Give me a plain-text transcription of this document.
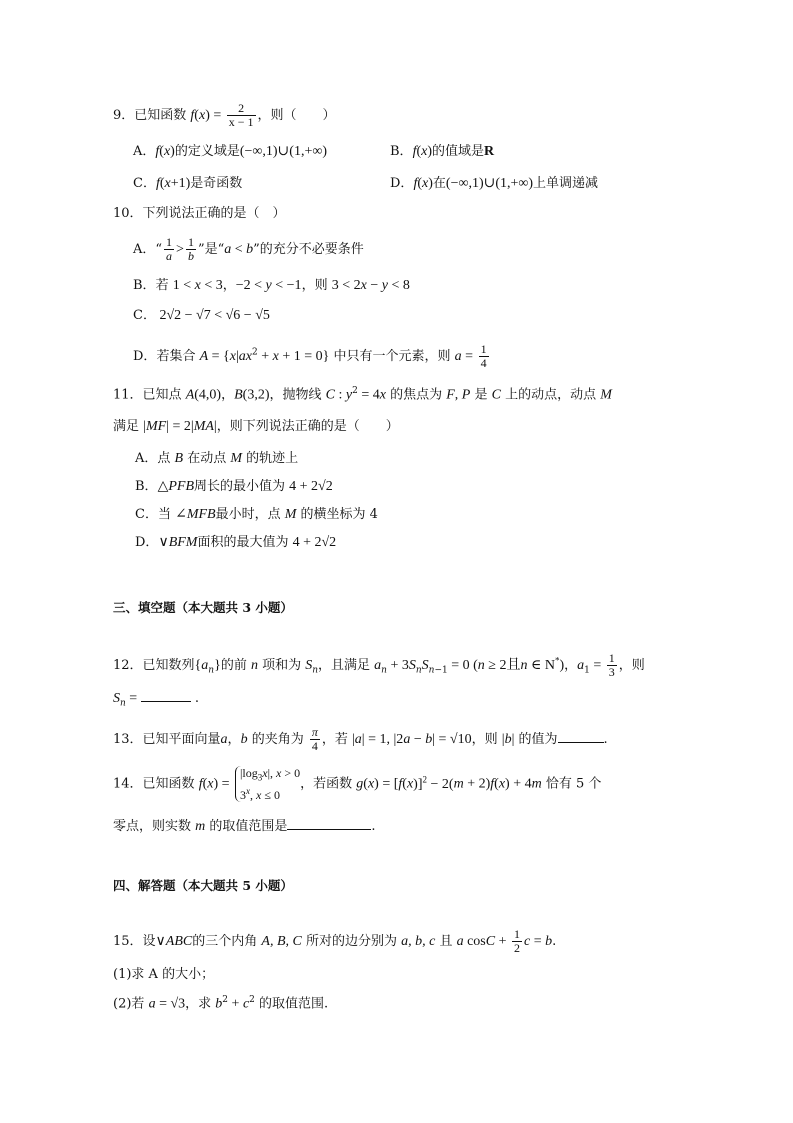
9．已知函数 $f(x) = \frac{2}{x - 1}$ ，则（　　）
A．f(x)的定义域是(−∞,1)∪(1,+∞)	B．f(x)的值域是R
C．f(x+1)是奇函数	D．f(x)在(−∞,1)∪(1,+∞)上单调递减
10．下列说法正确的是（　）
A．“ $\frac{1}{a} > \frac{1}{b}$ ”是“a < b”的充分不必要条件
B．若 1 < x < 3，−2 < y < −1，则 3 < 2x − y < 8
C． 2√2 − √7 < √6 − √5
D．若集合 $A = \{x|ax^2 + x + 1 = 0\}$ 中只有一个元素，则 $a = \frac{1}{4}$
11．已知点 A(4,0)，B(3,2)，抛物线 C : $y^2 = 4x$ 的焦点为 F, P 是 C 上的动点，动点 M
满足 |MF| = 2|MA|，则下列说法正确的是（　　）
A．点 B 在动点 M 的轨迹上
B．△PFB周长的最小值为 4 + 2√2
C．当 ∠MFB最小时，点 M 的横坐标为 4
D．∨BFM面积的最大值为 4 + 2√2
三、填空题（本大题共 3 小题）
12．已知数列$\{a_n\}$的前 n 项和为 $S_n$，且满足 $a_n + 3S_nS_{n-1} = 0$ (n ≥ 2且n ∈ N*)，$a_1 = \frac{1}{3}$ ，则
$S_n$ =	.
13．已知平面向量a，b 的夹角为 $\frac{\pi}{4}$ ，若 |a| = 1, |2a − b| = √10，则 |b| 的值为	.
14．已知函数 f(x) =
$|\log_3x|$, x > 0
3$^x$, x ≤ 0
，若函数 $g(x) = [f(x)]^2 - 2(m + 2)f(x) + 4m$ 恰有 5 个
零点，则实数 m 的取值范围是	.
四、解答题（本大题共 5 小题）
15．设∨ABC的三个内角 A, B, C 所对的边分别为 a, b, c 且 a $\cos C + \frac{1}{2}$ c = b.
(1)求 A 的大小；
(2)若 a = √3，求 $b^2 + c^2$ 的取值范围.
